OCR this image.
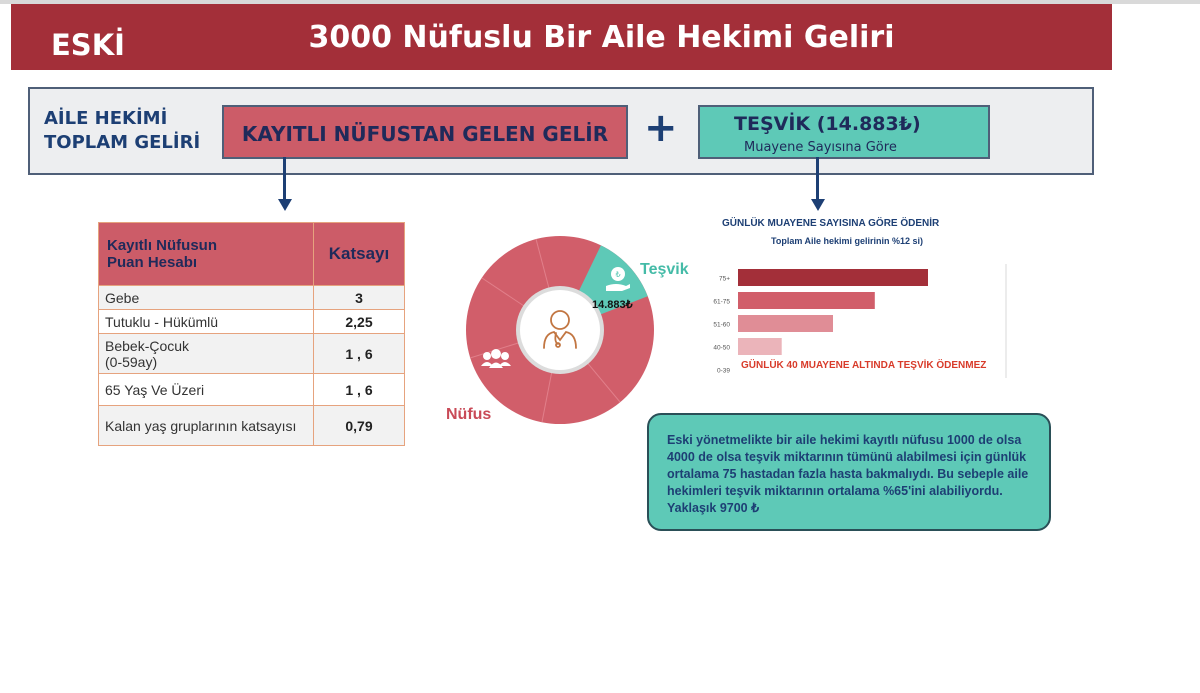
ESKİ	3000 Nüfuslu Bir Aile Hekimi Geliri
AİLE HEKİMİ
TOPLAM GELİRİ	KAYITLI NÜFUSTAN GELEN GELİR +	TEŞVİK (14.883₺)
Muayene Sayısına Göre
Kayıtlı Nüfusun
Puan Hesabı	Katsayı
Gebe	3
Tutuklu - Hükümlü	2,25

Bebek-Çocuk
(0-59ay)	1 , 6
65 Yaş Ve Üzeri	1 , 6
Kalan yaş gruplarının katsayısı	0,79
₺ Teşvik
14.883₺
Nüfus
GÜNLÜK MUAYENE SAYISINA GÖRE ÖDENİR
Toplam Aile hekimi gelirinin %12 si)
75+
61-75
51-60
40-50
0-39 GÜNLÜK 40 MUAYENE ALTINDA TEŞVİK ÖDENMEZ
Eski yönetmelikte bir aile hekimi kayıtlı nüfusu 1000 de olsa 4000 de olsa teşvik miktarının tümünü alabilmesi için günlük ortalama 75 hastadan fazla hasta bakmalıydı. Bu sebeple aile hekimleri teşvik miktarının ortalama %65'ini alabiliyordu. Yaklaşık 9700 ₺
